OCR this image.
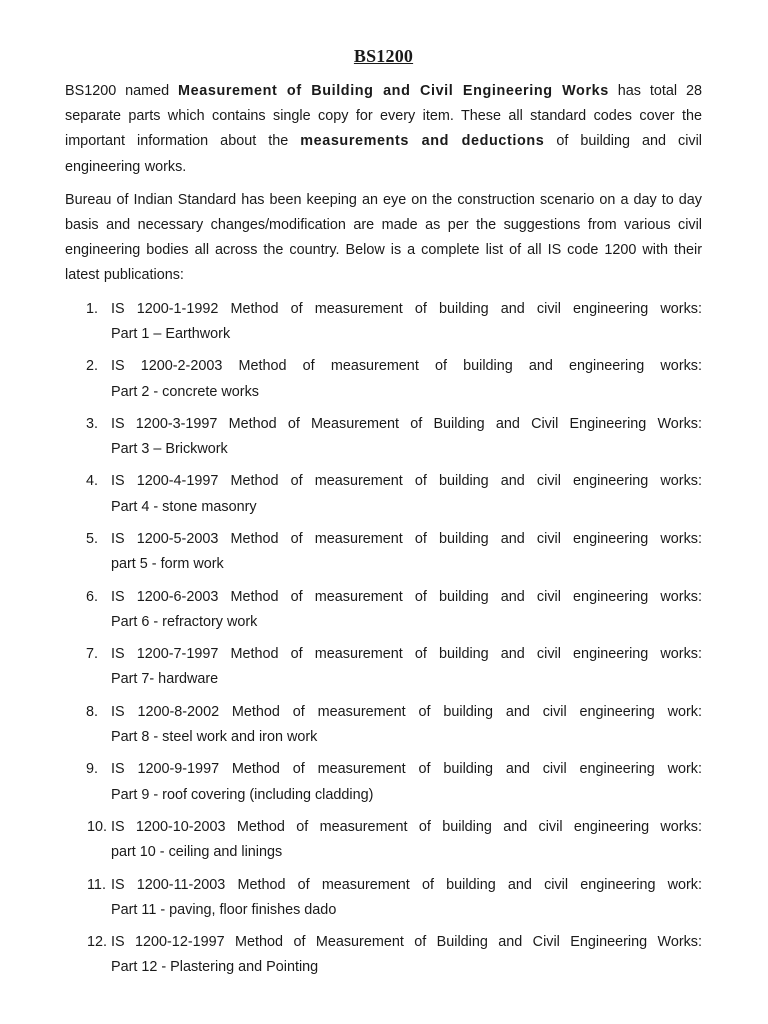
BS1200

BS1200 named Measurement of Building and Civil Engineering Works has total 28 separate parts which contains single copy for every item. These all standard codes cover the important information about the measurements and deductions of building and civil engineering works.

Bureau of Indian Standard has been keeping an eye on the construction scenario on a day to day basis and necessary changes/modification are made as per the suggestions from various civil engineering bodies all across the country. Below is a complete list of all IS code 1200 with their latest publications:

1. IS 1200-1-1992 Method of measurement of building and civil engineering works:
Part 1 – Earthwork
2. IS 1200-2-2003 Method of measurement of building and engineering works:
Part 2 - concrete works
3. IS 1200-3-1997 Method of Measurement of Building and Civil Engineering Works:
Part 3 – Brickwork
4. IS 1200-4-1997 Method of measurement of building and civil engineering works:
Part 4 - stone masonry
5. IS 1200-5-2003 Method of measurement of building and civil engineering works:
part 5 - form work
6. IS 1200-6-2003 Method of measurement of building and civil engineering works:
Part 6 - refractory work
7. IS 1200-7-1997 Method of measurement of building and civil engineering works:
Part 7- hardware
8. IS 1200-8-2002 Method of measurement of building and civil engineering work:
Part 8 - steel work and iron work
9. IS 1200-9-1997 Method of measurement of building and civil engineering work:
Part 9 - roof covering (including cladding)
10. IS 1200-10-2003 Method of measurement of building and civil engineering works:
part 10 - ceiling and linings
11. IS 1200-11-2003 Method of measurement of building and civil engineering work:
Part 11 - paving, floor finishes dado
12. IS 1200-12-1997 Method of Measurement of Building and Civil Engineering Works:
Part 12 - Plastering and Pointing
